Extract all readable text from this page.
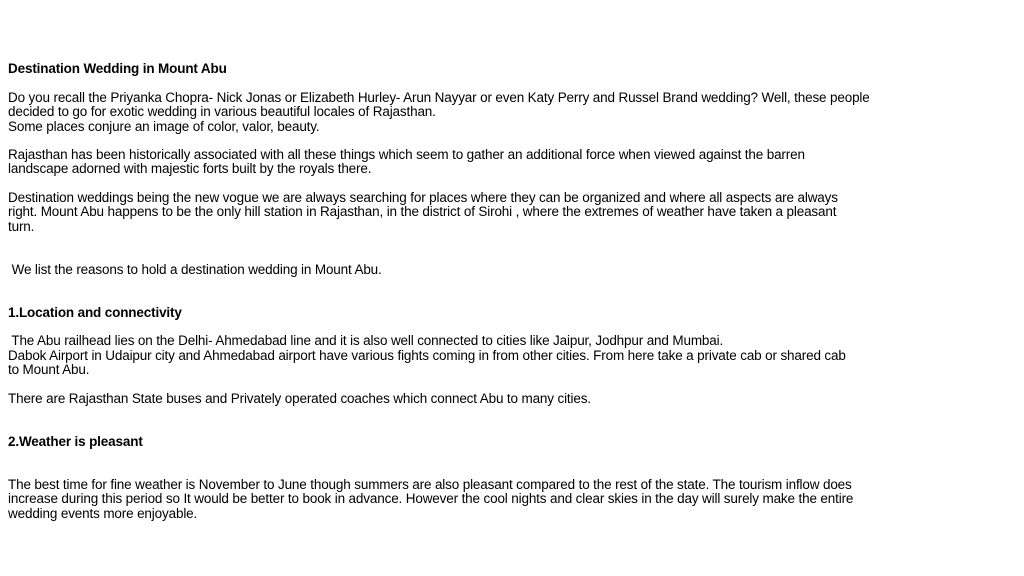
Destination Wedding in Mount Abu
Do you recall the Priyanka Chopra- Nick Jonas or Elizabeth Hurley- Arun Nayyar or even Katy Perry and Russel Brand wedding? Well, these people
decided to go for exotic wedding in various beautiful locales of Rajasthan.
Some places conjure an image of color, valor, beauty.
Rajasthan has been historically associated with all these things which seem to gather an additional force when viewed against the barren
landscape adorned with majestic forts built by the royals there.
Destination weddings being the new vogue we are always searching for places where they can be organized and where all aspects are always
right. Mount Abu happens to be the only hill station in Rajasthan, in the district of Sirohi , where the extremes of weather have taken a pleasant
turn.
We list the reasons to hold a destination wedding in Mount Abu.
1.Location and connectivity
The Abu railhead lies on the Delhi- Ahmedabad line and it is also well connected to cities like Jaipur, Jodhpur and Mumbai.
Dabok Airport in Udaipur city and Ahmedabad airport have various fights coming in from other cities. From here take a private cab or shared cab
to Mount Abu.
There are Rajasthan State buses and Privately operated coaches which connect Abu to many cities.
2.Weather is pleasant
The best time for fine weather is November to June though summers are also pleasant compared to the rest of the state. The tourism inflow does
increase during this period so It would be better to book in advance. However the cool nights and clear skies in the day will surely make the entire
wedding events more enjoyable.
